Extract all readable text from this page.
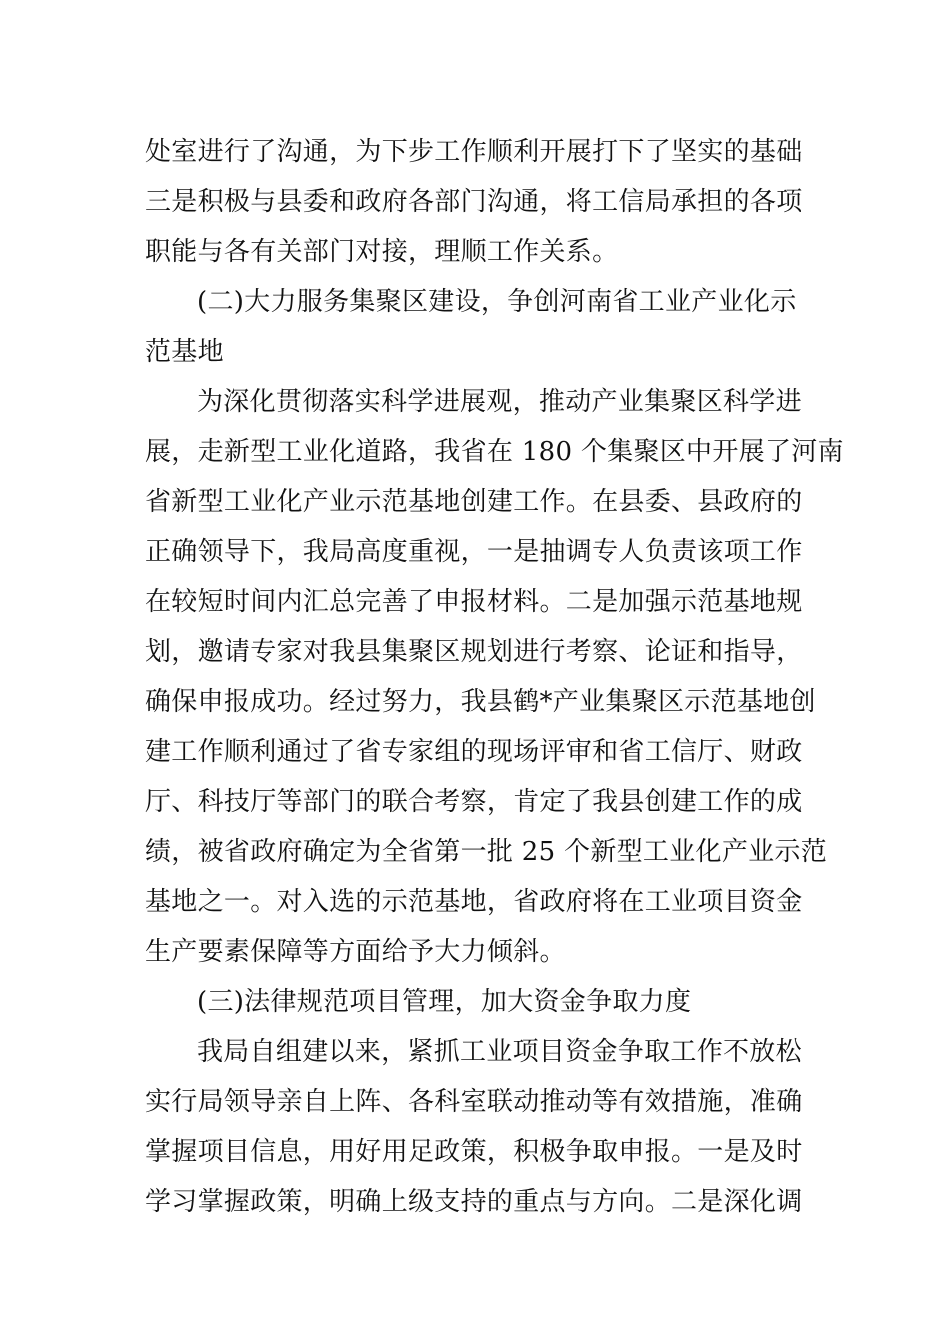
处室进行了沟通，为下步工作顺利开展打下了坚实的基础
三是积极与县委和政府各部门沟通，将工信局承担的各项
职能与各有关部门对接，理顺工作关系。
(二)大力服务集聚区建设，争创河南省工业产业化示
范基地
为深化贯彻落实科学进展观，推动产业集聚区科学进
展，走新型工业化道路，我省在 180 个集聚区中开展了河南
省新型工业化产业示范基地创建工作。在县委、县政府的
正确领导下，我局高度重视，一是抽调专人负责该项工作
在较短时间内汇总完善了申报材料。二是加强示范基地规
划，邀请专家对我县集聚区规划进行考察、论证和指导，
确保申报成功。经过努力，我县鹤*产业集聚区示范基地创
建工作顺利通过了省专家组的现场评审和省工信厅、财政
厅、科技厅等部门的联合考察，肯定了我县创建工作的成
绩，被省政府确定为全省第一批 25 个新型工业化产业示范
基地之一。对入选的示范基地，省政府将在工业项目资金
生产要素保障等方面给予大力倾斜。
(三)法律规范项目管理，加大资金争取力度
我局自组建以来，紧抓工业项目资金争取工作不放松
实行局领导亲自上阵、各科室联动推动等有效措施，准确
掌握项目信息，用好用足政策，积极争取申报。一是及时
学习掌握政策，明确上级支持的重点与方向。二是深化调
